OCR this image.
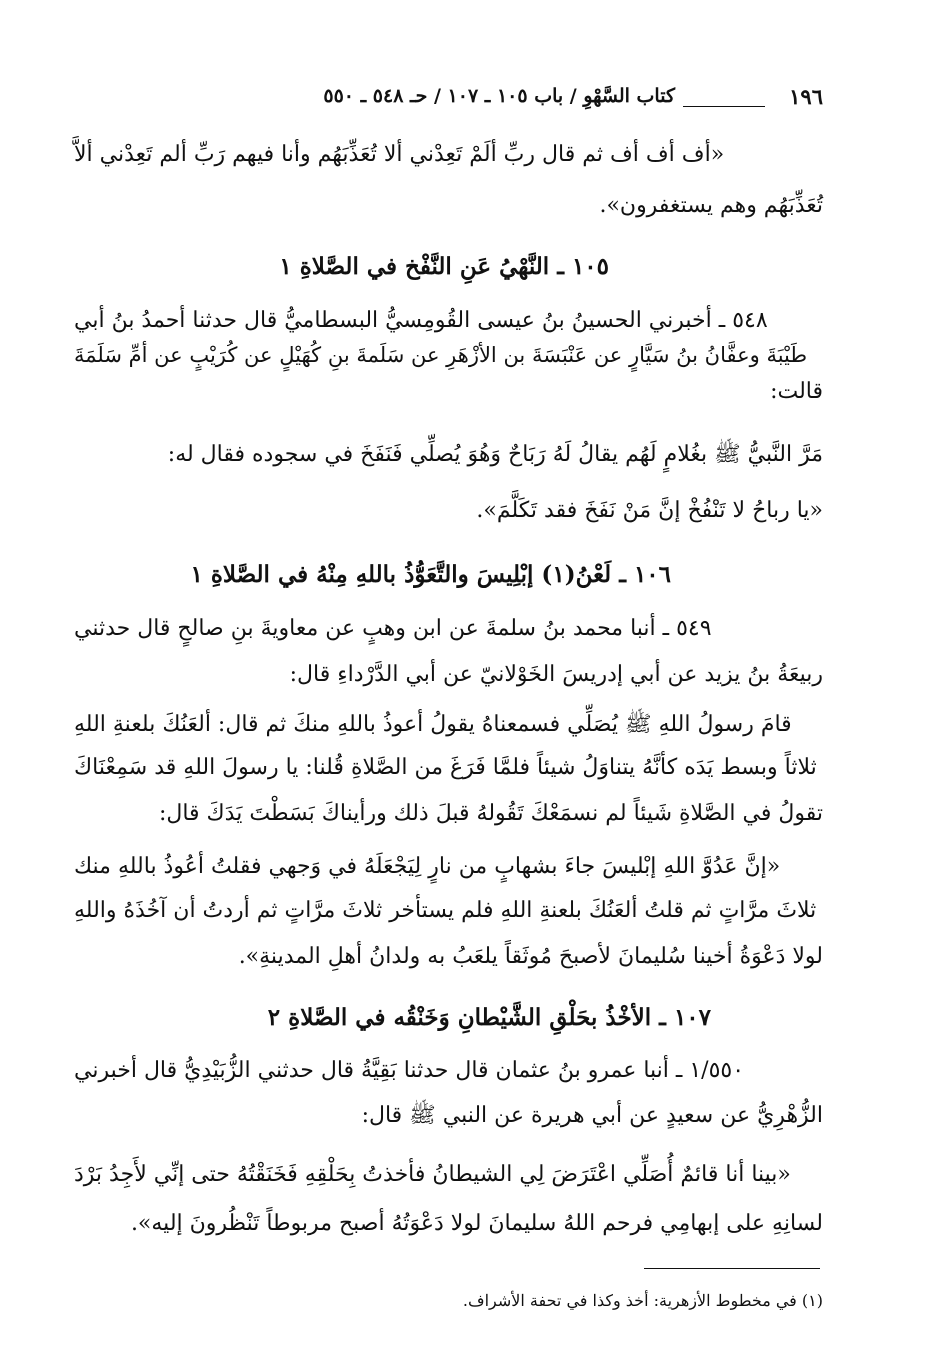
١٩٦
كتاب السَّهْوِ / باب ١٠٥ ـ ١٠٧ / حـ ٥٤٨ ـ ٥٥٠
«أف أف أف ثم قال ربِّ ألَمْ تَعِدْني ألا تُعَذِّبَهُم وأنا فيهم رَبِّ ألم تَعِدْني ألاَّ
تُعَذِّبَهُم وهم يستغفرون».
١٠٥ ـ النَّهْيُ عَنِ النَّفْخ في الصَّلاةِ ١
٥٤٨ ـ أخبرني الحسينُ بنُ عيسى القُومِسيُّ البسطاميُّ قال حدثنا أحمدُ بنُ أبي
طَيْبَةَ وعفَّانُ بنُ سَيَّارٍ عن عَنْبَسَةَ بن الأزْهَرِ عن سَلَمةَ بنِ كُهَيْلٍ عن كُرَيْبٍ عن أمِّ سَلَمَةَ
قالت:
مَرَّ النَّبيُّ ﷺ بغُلامٍ لَهُم يقالُ لَهُ رَبَاحٌ وَهُوَ يُصلِّي فَنَفَخَ في سجوده فقال له:
«يا رباحُ لا تَنْفُخْ إنَّ مَنْ نَفَخَ فقد تَكَلَّمَ».
١٠٦ ـ لَعْنُ(١) إبْلِيسَ والتَّعَوُّذُ باللهِ مِنْهُ في الصَّلاةِ ١
٥٤٩ ـ أنبا محمد بنُ سلمةَ عن ابن وهبٍ عن معاويةَ بنِ صالحٍ قال حدثني
ربيعَةُ بنُ يزيد عن أبي إدريسَ الخَوْلانيّ عن أبي الدَّرْداءِ قال:
قامَ رسولُ اللهِ ﷺ يُصَلِّي فسمعناهُ يقولُ أعوذُ باللهِ منكَ ثم قال: ألعَنُكَ بلعنةِ اللهِ
ثلاثاً وبسط يَدَه كأنَّهُ يتناوَلُ شيئاً فلمَّا فَرَغَ من الصَّلاةِ قُلنا: يا رسولَ اللهِ قد سَمِعْنَاكَ
تقولُ في الصَّلاةِ شَيئاً لم نسمَعْكَ تَقُولهُ قبلَ ذلك ورأيناكَ بَسَطْتَ يَدَكَ قال:
«إنَّ عَدُوَّ اللهِ إبْليسَ جاءَ بشهابٍ من نارٍ لِيَجْعَلَهُ في وَجهي فقلتُ أعُوذُ باللهِ منك
ثلاثَ مرَّاتٍ ثم قلتُ ألعَنُكَ بلعنةِ اللهِ فلم يستأخر ثلاثَ مرَّاتٍ ثم أردتُ أن آخُذَهُ واللهِ
لولا دَعْوَةُ أخينا سُليمانَ لأصبحَ مُوثَقاً يلعَبُ به ولدانُ أهلِ المدينةِ».
١٠٧ ـ الأخْذُ بحَلْقِ الشَّيْطانِ وَخَنْقُه في الصَّلاةِ ٢
١/٥٥٠ ـ أنبا عمرو بنُ عثمان قال حدثنا بَقِيَّةُ قال حدثني الزُّبَيْدِيُّ قال أخبرني
الزُّهْرِيُّ عن سعيدٍ عن أبي هريرة عن النبي ﷺ قال:
«بينا أنا قائمٌ أُصَلِّي اعْتَرَضَ لِي الشيطانُ فأخذتُ بِحَلْقِهِ فَخَنَقْتُهُ حتى إنِّي لأَجِدُ بَرْدَ
لسانِهِ على إبهامِي فرحم اللهُ سليمانَ لولا دَعْوَتُهُ أصبح مربوطاً تَنْظُرونَ إليه».
(١) في مخطوط الأزهرية: أخذ وكذا في تحفة الأشراف.
